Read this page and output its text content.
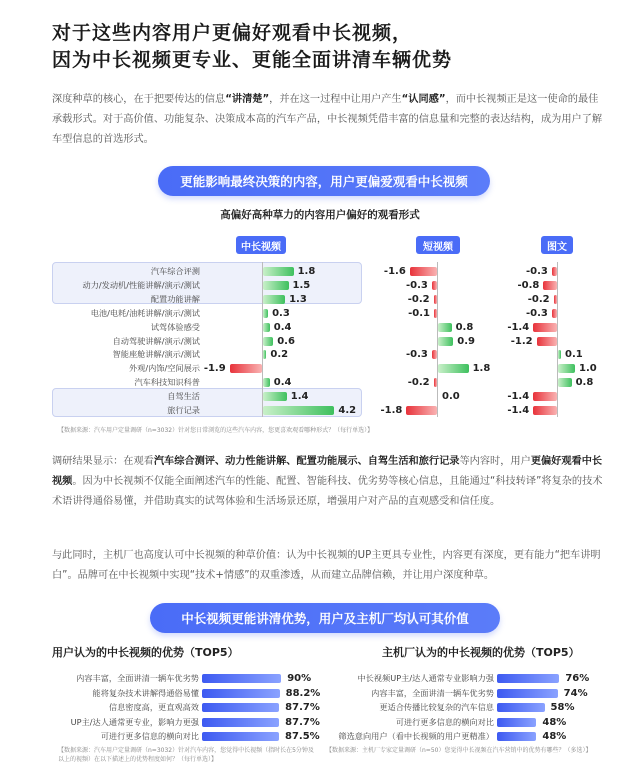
对于这些内容用户更偏好观看中长视频，
因为中长视频更专业、更能全面讲清车辆优势
深度种草的核心，在于把要传达的信息“讲清楚”，并在这一过程中让用户产生“认同感”，而中长视频正是这一使命的最佳承载形式。对于高价值、功能复杂、决策成本高的汽车产品，中长视频凭借丰富的信息量和完整的表达结构，成为用户了解车型信息的首选形式。
更能影响最终决策的内容，用户更偏爱观看中长视频
高偏好高种草力的内容用户偏好的观看形式
中长视频	短视频	图文
汽车综合评测	1.8	-1.6	-0.3
动力/发动机/性能讲解/演示/测试	1.5	-0.3	-0.8
配置功能讲解	1.3	-0.2	-0.2
电池/电耗/油耗讲解/演示/测试	0.3	-0.1	-0.3
试驾体验感受	0.4	0.8	-1.4
自动驾驶讲解/演示/测试	0.6	0.9	-1.2
智能座舱讲解/演示/测试	0.2	-0.3	0.1
外观/内饰/空间展示 -1.9	1.8	1.0
汽车科技知识科普	0.4	-0.2	0.8
自驾生活	1.4	0.0	-1.4
旅行记录	4.2	-1.8	-1.4
【数据来源：汽车用户定量调研（n=3032）针对您日常浏览的这些汽车内容，您更喜欢观看哪种形式？（每行单选）】
调研结果显示：在观看汽车综合测评、动力性能讲解、配置功能展示、自驾生活和旅行记录等内容时，用户更偏好观看中长视频。因为中长视频不仅能全面阐述汽车的性能、配置、智能科技、优劣势等核心信息，且能通过“科技转译”将复杂的技术术语讲得通俗易懂，并借助真实的试驾体验和生活场景还原，增强用户对产品的直观感受和信任度。
与此同时，主机厂也高度认可中长视频的种草价值：认为中长视频的UP主更具专业性，内容更有深度，更有能力“把车讲明白”。品牌可在中长视频中实现“技术+情感”的双重渗透，从而建立品牌信赖，并让用户深度种草。
中长视频更能讲清优势，用户及主机厂均认可其价值
用户认为的中长视频的优势（TOP5）	主机厂认为的中长视频的优势（TOP5）
内容丰富，全面讲清一辆车优劣势	90%
能将复杂技术讲解得通俗易懂	88.2%
信息密度高，更直观高效	87.7%
UP主/达人通常更专业，影响力更强	87.7%
可进行更多信息的横向对比	87.5%
中长视频UP主/达人通常专业影响力强	76%
内容丰富，全面讲清一辆车优劣势	74%
更适合传播比较复杂的汽车信息	58%
可进行更多信息的横向对比	48%
筛选意向用户（看中长视频的用户更精准）	48%
【数据来源：汽车用户定量调研（n=3032）针对汽车内容，您觉得中长视频（指时长在5分钟及以上的视频）在以下描述上的优势程度如何？（每行单选）】
【数据来源：主机厂专家定量调研（n=50）您觉得中长视频在汽车营销中的优势有哪些？（多选）】
